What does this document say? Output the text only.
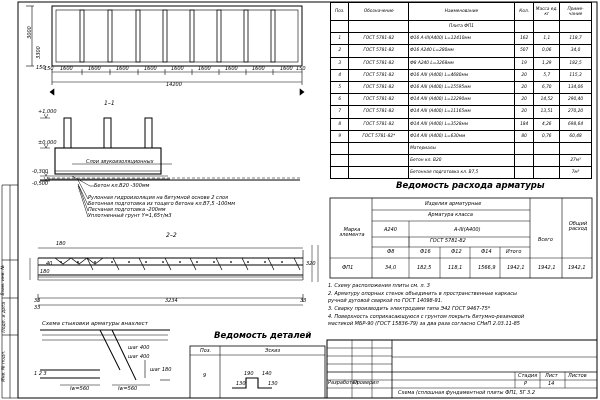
1600	1600	1600	1600	1600	1600	1600	1600	1600
150	150
14200
3000
3300
150
1–1
+1,000
±0,000
-0,300
-0,500
Слои звукоизоляционных
Бетон кл.В20 -300мм
Рулонная гидроизоляция на битумной основе 2 слоя
Бетонная подготовка из тощего бетона кл.В7,5 -100мм
Песчаная подготовка -200мм
Уплотненный грунт Y=1,65т/м3
2–2
180
40	320
3234
33	33
33
180
Схема стыковки арматуры внахлест
шаг 400
шаг 400
шаг 180
lw=560	lw=560
1 2 3
Поз.	Обозначение	Наименование	Кол.	Масса ед. кг	Приме-чание
		Плита ФП1			
1	ГОСТ 5781-82	Ф16 А-III(А400) L=12410мм	162	1,1	118,7
2	ГОСТ 5781-82	Ф16 А240 L=280мм	507	0,06	34,0
3	ГОСТ 5781-82	Ф8 А240 L=3268мм	19	1,29	182,5
4	ГОСТ 5781-82	Ф16 АIII (А400) L=4680мм	20	5,7	115,3
5	ГОСТ 5781-82	Ф16 АIII (А400) L=15595мм	20	6,70	134,06
6	ГОСТ 5781-82	Ф14 АIII (А400) L=12290мм	20	14,52	290,40
7	ГОСТ 5781-82	Ф14 АIII (А400) L=11165мм	20	13,51	270,20
8	ГОСТ 5781-82	Ф14 АIII (А400) L=3528мм	184	4,26	698,64
9	ГОСТ 5781-82*	Ф14 АIII (А400) L=630мм	80	0,76	60,48
		Материалы			
		Бетон кл. В20			27м³
		Бетонная подготовка кл. В7,5			7м³
Ведомость расхода арматуры
Марка элемента
Изделия арматурные
Арматура класса
А240	А-III(А400)
ГОСТ 5781-82	Всего
Общий расход
Ф8	Ф16	Ф12	Ф14	Итого
ФП1	34,0	182,5	118,1	1566,9 1942,1	1942,1	1942,1
1. Схему расположения плиты см. л. 3
2. Арматуру опорных стенок объединить в пространственные каркасы
ручной дуговой сваркой по ГОСТ 14098-91.
3. Сварку производить электродами типа Э42 ГОСТ 9467-75*
4. Поверхность соприкасающуюся с грунтом покрыть битумно-резиновой
мастикой МБР-90 (ГОСТ 15836-79) за два раза согласно СНиП 2.03.11-85
Ведомость деталей
Поз.	Эскиз
9
130
190 140
130	Разработал
Проверил
Стадия Лист Листов
Р	14
Схема (сплошная фундаментной плиты ФП1, 5Г 3.2
Взам. инв. №
Подп. и дата
Инв. № подл.
